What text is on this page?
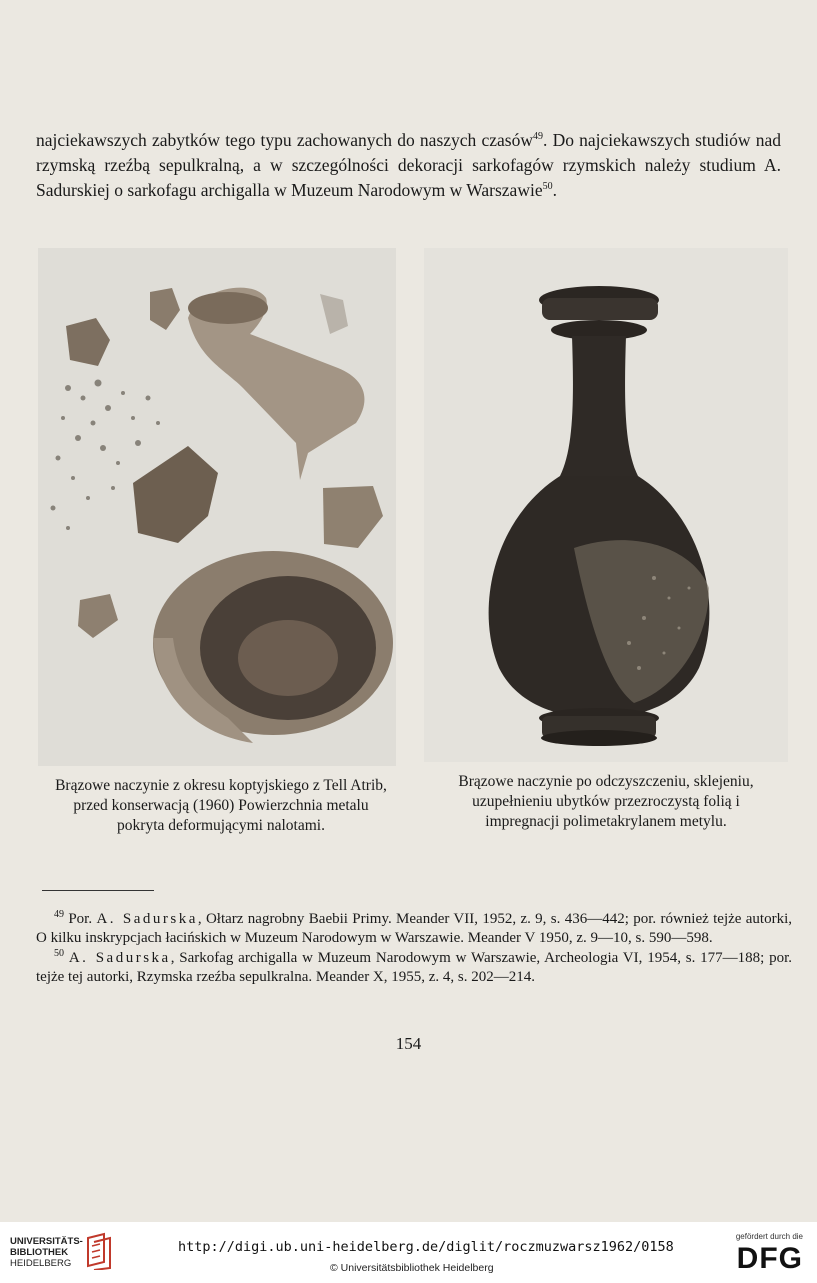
najciekawszych zabytków tego typu zachowanych do naszych czasów$^{49}$. Do najciekawszych studiów nad rzymską rzeźbą sepulkralną, a w szczególności dekoracji sarkofagów rzymskich należy studium A. Sadurskiej o sarkofagu archigalla w Muzeum Narodowym w Warszawie$^{50}$.

Brązowe naczynie z okresu koptyjskiego z Tell Atrib, przed konserwacją (1960) Powierzchnia metalu pokryta deformującymi nalotami.
Brązowe naczynie po odczyszczeniu, sklejeniu, uzupełnieniu ubytków przezroczystą folią i impregnacji polimetakrylanem metylu.

$^{49}$ Por. A. Sadurska, Ołtarz nagrobny Baebii Primy. Meander VII, 1952, z. 9, s. 436—442; por. również tejże autorki, O kilku inskrypcjach łacińskich w Muzeum Narodowym w Warszawie. Meander V 1950, z. 9—10, s. 590—598.

$^{50}$ A. Sadurska, Sarkofag archigalla w Muzeum Narodowym w Warszawie, Archeologia VI, 1954, s. 177—188; por. tejże tej autorki, Rzymska rzeźba sepulkralna. Meander X, 1955, z. 4, s. 202—214.

154
UNIVERSITÄTS-
BIBLIOTHEK
HEIDELBERG
http://digi.ub.uni-heidelberg.de/diglit/roczmuzwarsz1962/0158
© Universitätsbibliothek Heidelberg
gefördert durch die
DFG
